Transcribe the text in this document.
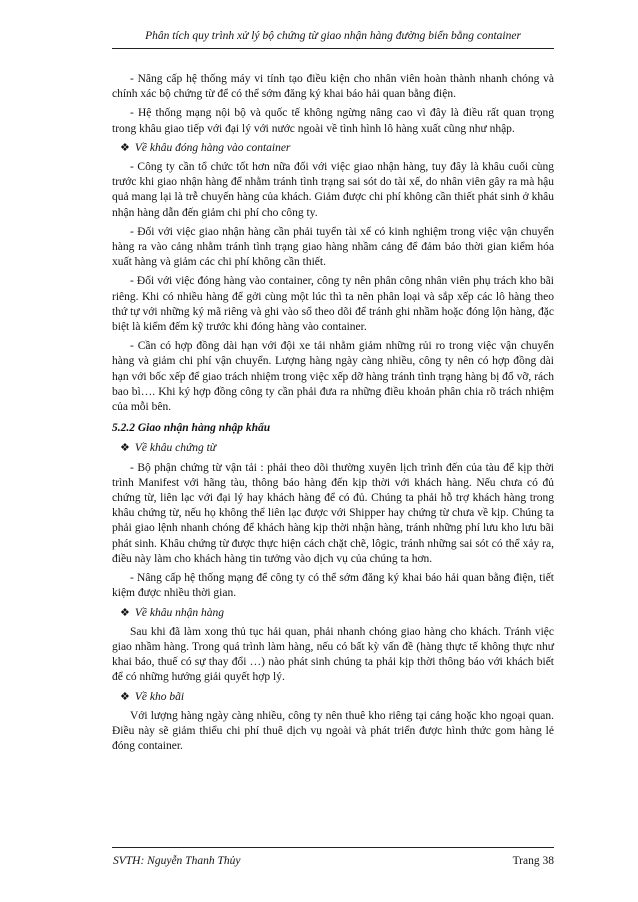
Phân tích quy trình xử lý bộ chứng từ giao nhận hàng đường biển bằng container

- Nâng cấp hệ thống máy vi tính tạo điều kiện cho nhân viên hoàn thành nhanh chóng và chính xác bộ chứng từ để có thể sớm đăng ký khai báo hải quan bằng điện.

- Hệ thống mạng nội bộ và quốc tế không ngừng nâng cao vì đây là điều rất quan trọng trong khâu giao tiếp với đại lý với nước ngoài về tình hình lô hàng xuất cũng như nhập.

❖ Về khâu đóng hàng vào container

- Công ty cần tổ chức tốt hơn nữa đối với việc giao nhận hàng, tuy đây là khâu cuối cùng trước khi giao nhận hàng để nhằm tránh tình trạng sai sót do tài xế, do nhân viên gây ra mà hậu quả mang lại là trễ chuyến hàng của khách. Giảm được chi phí không cần thiết phát sinh ở khâu nhận hàng dẫn đến giảm chi phí cho công ty.

- Đối với việc giao nhận hàng cần phải tuyển tài xế có kinh nghiệm trong việc vận chuyển hàng ra vào cảng nhằm tránh tình trạng giao hàng nhầm cảng để đảm bảo thời gian kiểm hóa xuất hàng và giảm các chi phí không cần thiết.

- Đối với việc đóng hàng vào container, công ty nên phân công nhân viên phụ trách kho bãi riêng. Khi có nhiều hàng để gởi cùng một lúc thì ta nên phân loại và sắp xếp các lô hàng theo thứ tự với những ký mã riêng và ghi vào sổ theo dõi để tránh ghi nhầm hoặc đóng lộn hàng, đặc biệt là kiểm đếm kỹ trước khi đóng hàng vào container.

- Cần có hợp đồng dài hạn với đội xe tải nhằm giảm những rủi ro trong việc vận chuyển hàng và giảm chi phí vận chuyển. Lượng hàng ngày càng nhiều, công ty nên có hợp đồng dài hạn với bốc xếp để giao trách nhiệm trong việc xếp dỡ hàng tránh tình trạng hàng bị đổ vỡ, rách bao bì…. Khi ký hợp đồng công ty cần phải đưa ra những điều khoản phân chia rõ trách nhiệm của mỗi bên.

5.2.2 Giao nhận hàng nhập khẩu

❖ Về khâu chứng từ

- Bộ phận chứng từ vận tải : phải theo dõi thường xuyên lịch trình đến của tàu để kịp thời trình Manifest với hãng tàu, thông báo hàng đến kịp thời với khách hàng. Nếu chưa có đủ chứng từ, liên lạc với đại lý hay khách hàng để có đủ. Chúng ta phải hỗ trợ khách hàng trong khâu chứng từ, nếu họ không thể liên lạc được với Shipper hay chứng từ chưa về kịp. Chúng ta phải giao lệnh nhanh chóng để khách hàng kịp thời nhận hàng, tránh những phí lưu kho lưu bãi phát sinh. Khâu chứng từ được thực hiện cách chặt chẽ, lôgic, tránh những sai sót có thể xảy ra, điều này làm cho khách hàng tin tưởng vào dịch vụ của chúng ta hơn.

- Nâng cấp hệ thống mạng để công ty có thể sớm đăng ký khai báo hải quan bằng điện, tiết kiệm được nhiều thời gian.

❖ Về khâu nhận hàng

Sau khi đã làm xong thủ tục hải quan, phải nhanh chóng giao hàng cho khách. Tránh việc giao nhầm hàng. Trong quá trình làm hàng, nếu có bất kỳ vấn đề (hàng thực tế không thực như khai báo, thuế có sự thay đổi …) nào phát sinh chúng ta phải kịp thời thông báo với khách biết để có những hướng giải quyết hợp lý.

❖ Về kho bãi

Với lượng hàng ngày càng nhiều, công ty nên thuê kho riêng tại cảng hoặc kho ngoại quan. Điều này sẽ giảm thiểu chi phí thuê dịch vụ ngoài và phát triển được hình thức gom hàng lẻ đóng container.

SVTH: Nguyễn Thanh Thủy	Trang 38
